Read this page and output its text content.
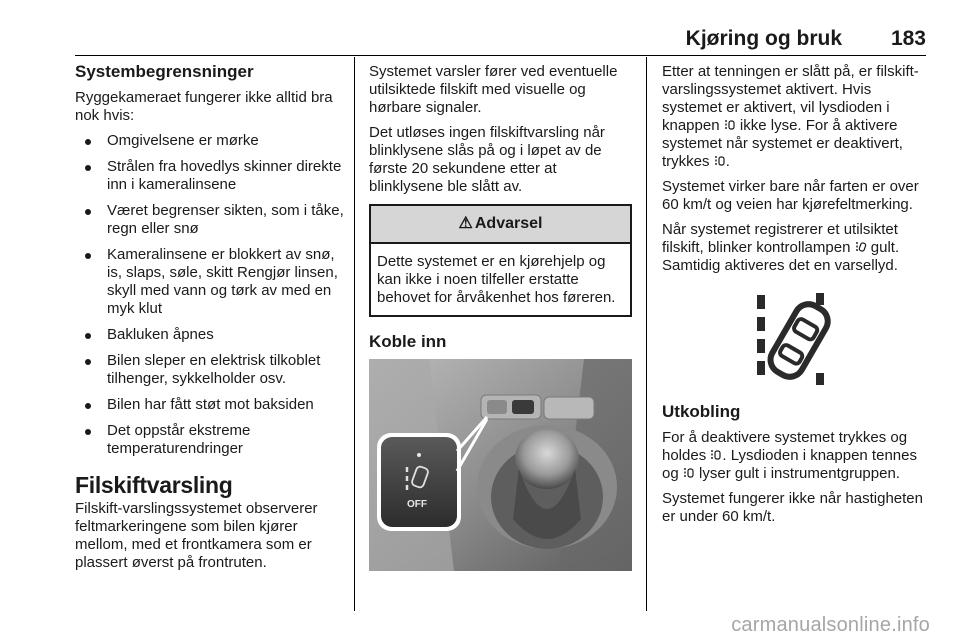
Kjøring og bruk	183
Systembegrensninger

Ryggekameraet fungerer ikke alltid bra nok hvis:

Omgivelsene er mørke
Strålen fra hovedlys skinner direkte inn i kameralinsene
Været begrenser sikten, som i tåke, regn eller snø
Kameralinsene er blokkert av snø, is, slaps, søle, skitt Rengjør linsen, skyll med vann og tørk av med en myk klut
Bakluken åpnes
Bilen sleper en elektrisk tilkoblet tilhenger, sykkelholder osv.
Bilen har fått støt mot baksiden
Det oppstår ekstreme temperaturendringer
Filskiftvarsling

Filskift-varslingssystemet observerer feltmarkeringene som bilen kjører mellom, med et frontkamera som er plassert øverst på frontruten.

Systemet varsler fører ved eventuelle utilsiktede filskift med visuelle og hørbare signaler.

Det utløses ingen filskiftvarsling når blinklysene slås på og i løpet av de første 20 sekundene etter at blinklysene ble slått av.

⚠ Advarsel
Dette systemet er en kjørehjelp og kan ikke i noen tilfeller erstatte behovet for årvåkenhet hos føreren.
Koble inn
OFF

Etter at tenningen er slått på, er filskift-varslingssystemet aktivert. Hvis systemet er aktivert, vil lysdioden i knappen ikke lyse. For å aktivere systemet når systemet er deaktivert, trykkes .

Systemet virker bare når farten er over 60 km/t og veien har kjørefeltmerking.

Når systemet registrerer et utilsiktet filskift, blinker kontrollampen gult. Samtidig aktiveres det en varsellyd.

Utkobling

For å deaktivere systemet trykkes og holdes . Lysdioden i knappen tennes og lyser gult i instrumentgruppen.

Systemet fungerer ikke når hastigheten er under 60 km/t.

carmanualsonline.info
